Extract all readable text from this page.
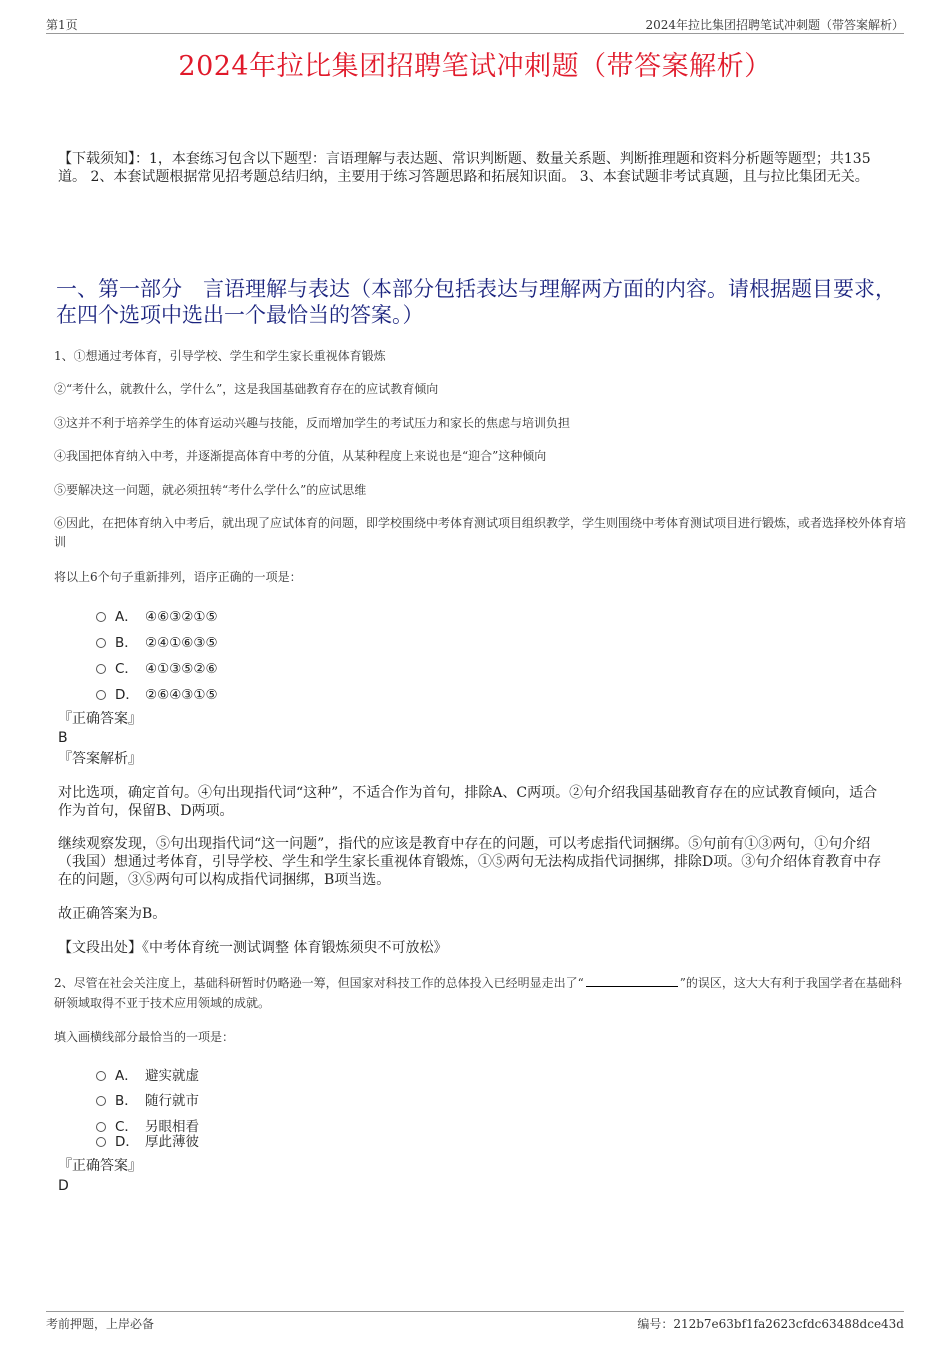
第1页	2024年拉比集团招聘笔试冲刺题（带答案解析）
2024年拉比集团招聘笔试冲刺题（带答案解析）
【下载须知】：1，本套练习包含以下题型：言语理解与表达题、常识判断题、数量关系题、判断推理题和资料分析题等题型；共135道。 2、本套试题根据常见招考题总结归纳，主要用于练习答题思路和拓展知识面。 3、本套试题非考试真题，且与拉比集团无关。
一、第一部分　言语理解与表达（本部分包括表达与理解两方面的内容。请根据题目要求，在四个选项中选出一个最恰当的答案。）
1、①想通过考体育，引导学校、学生和学生家长重视体育锻炼
②“考什么，就教什么，学什么”，这是我国基础教育存在的应试教育倾向
③这并不利于培养学生的体育运动兴趣与技能，反而增加学生的考试压力和家长的焦虑与培训负担
④我国把体育纳入中考，并逐渐提高体育中考的分值，从某种程度上来说也是“迎合”这种倾向
⑤要解决这一问题，就必须扭转“考什么学什么”的应试思维
⑥因此，在把体育纳入中考后，就出现了应试体育的问题，即学校围绕中考体育测试项目组织教学，学生则围绕中考体育测试项目进行锻炼，或者选择校外体育培训
将以上6个句子重新排列，语序正确的一项是：
A． ④⑥③②①⑤
B． ②④①⑥③⑤
C． ④①③⑤②⑥
D． ②⑥④③①⑤
『正确答案』
B
『答案解析』
对比选项，确定首句。④句出现指代词“这种”，不适合作为首句，排除A、C两项。②句介绍我国基础教育存在的应试教育倾向，适合作为首句，保留B、D两项。
继续观察发现，⑤句出现指代词“这一问题”，指代的应该是教育中存在的问题，可以考虑指代词捆绑。⑤句前有①③两句，①句介绍（我国）想通过考体育，引导学校、学生和学生家长重视体育锻炼，①⑤两句无法构成指代词捆绑，排除D项。③句介绍体育教育中存在的问题，③⑤两句可以构成指代词捆绑，B项当选。
故正确答案为B。
【文段出处】《中考体育统一测试调整 体育锻炼须臾不可放松》
2、尽管在社会关注度上，基础科研暂时仍略逊一筹，但国家对科技工作的总体投入已经明显走出了“	”的误区，这大大有利于我国学者在基础科研领域取得不亚于技术应用领域的成就。
填入画横线部分最恰当的一项是：
A． 避实就虚
B． 随行就市
C． 另眼相看
D． 厚此薄彼
『正确答案』
D
考前押题，上岸必备	编号：212b7e63bf1fa2623cfdc63488dce43d
